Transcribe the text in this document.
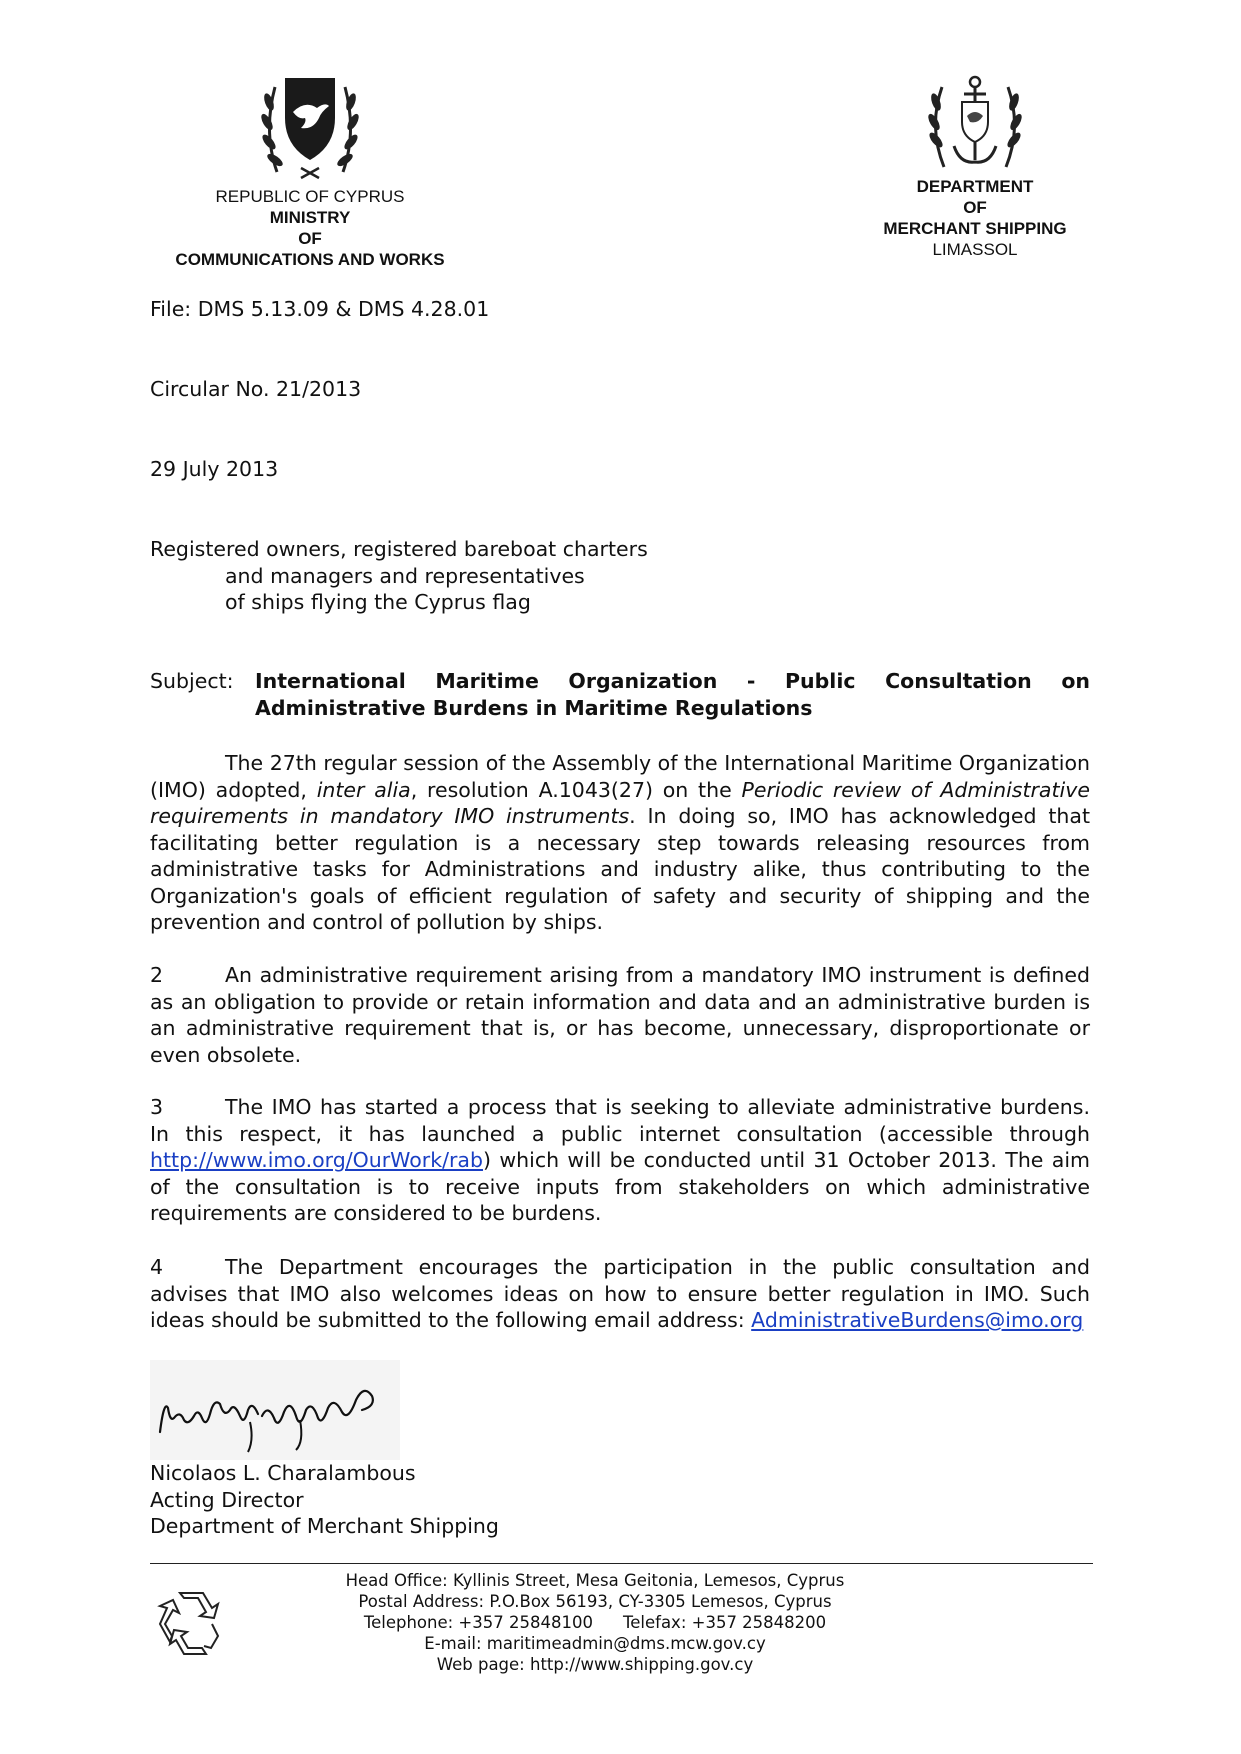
REPUBLIC OF CYPRUS
MINISTRY
OF
COMMUNICATIONS AND WORKS
DEPARTMENT
OF
MERCHANT SHIPPING
LIMASSOL
File: DMS 5.13.09 & DMS 4.28.01
Circular No. 21/2013
29 July 2013
Registered owners, registered bareboat charters
and managers and representatives
of ships flying the Cyprus flag
Subject: International Maritime Organization - Public Consultation on Administrative Burdens in Maritime Regulations
The 27th regular session of the Assembly of the International Maritime Organization (IMO) adopted, inter alia, resolution A.1043(27) on the Periodic review of Administrative requirements in mandatory IMO instruments. In doing so, IMO has acknowledged that facilitating better regulation is a necessary step towards releasing resources from administrative tasks for Administrations and industry alike, thus contributing to the Organization's goals of efficient regulation of safety and security of shipping and the prevention and control of pollution by ships.
2	An administrative requirement arising from a mandatory IMO instrument is defined as an obligation to provide or retain information and data and an administrative burden is an administrative requirement that is, or has become, unnecessary, disproportionate or even obsolete.
3	The IMO has started a process that is seeking to alleviate administrative burdens. In this respect, it has launched a public internet consultation (accessible through http://www.imo.org/OurWork/rab) which will be conducted until 31 October 2013. The aim of the consultation is to receive inputs from stakeholders on which administrative requirements are considered to be burdens.
4	The Department encourages the participation in the public consultation and advises that IMO also welcomes ideas on how to ensure better regulation in IMO. Such ideas should be submitted to the following email address: AdministrativeBurdens@imo.org
Nicolaos L. Charalambous
Acting Director
Department of Merchant Shipping
Head Office: Kyllinis Street, Mesa Geitonia, Lemesos, Cyprus
Postal Address: P.O.Box 56193, CY-3305 Lemesos, Cyprus
Telephone: +357 25848100 Telefax: +357 25848200
E-mail: maritimeadmin@dms.mcw.gov.cy
Web page: http://www.shipping.gov.cy
